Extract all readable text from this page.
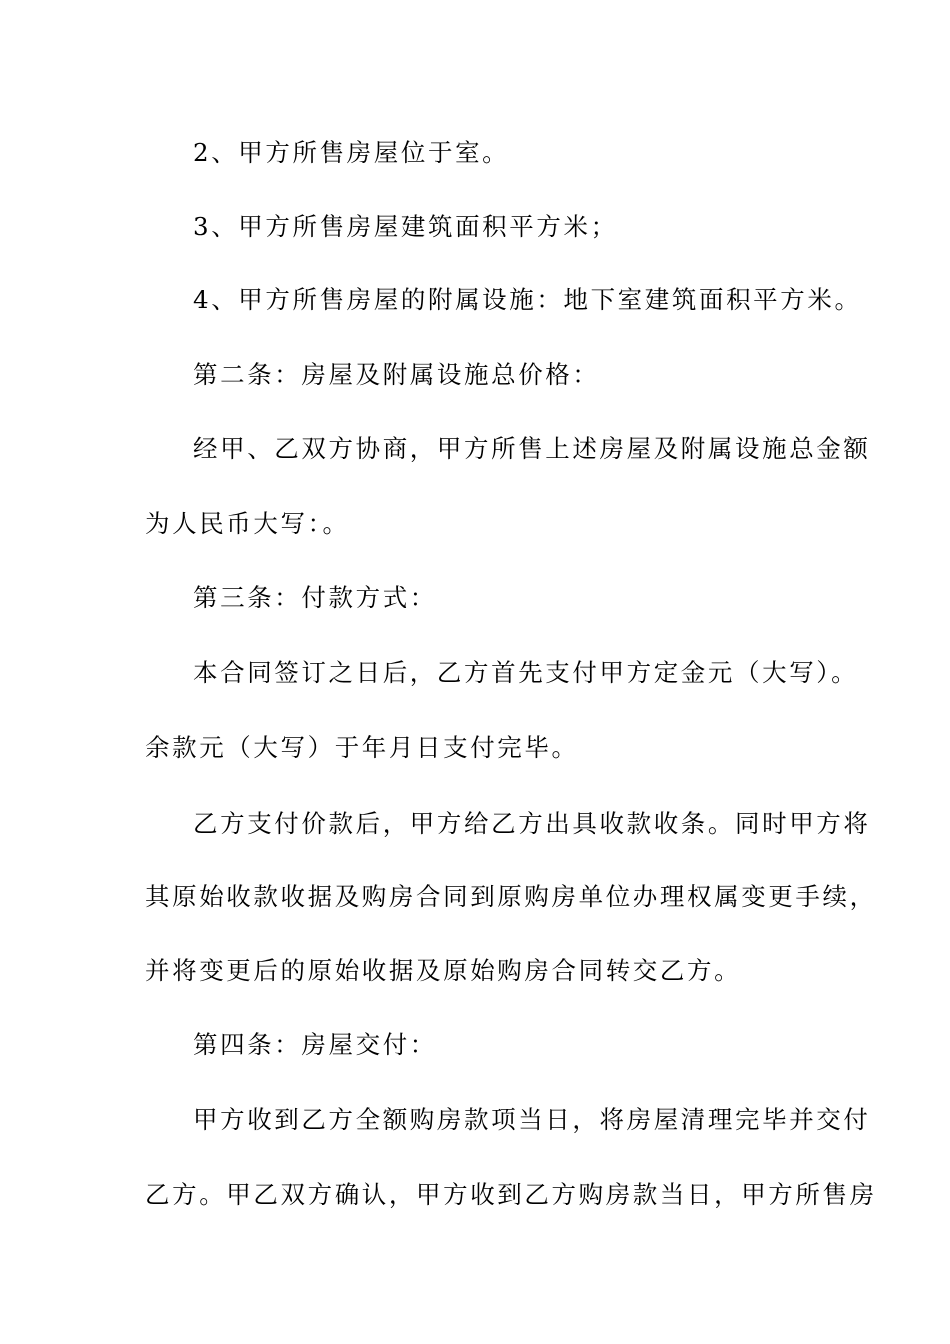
2、甲方所售房屋位于室。
3、甲方所售房屋建筑面积平方米；
4、甲方所售房屋的附属设施：地下室建筑面积平方米。
第二条：房屋及附属设施总价格：
经甲、乙双方协商，甲方所售上述房屋及附属设施总金额
为人民币大写：。
第三条：付款方式：
本合同签订之日后，乙方首先支付甲方定金元（大写）。
余款元（大写）于年月日支付完毕。
乙方支付价款后，甲方给乙方出具收款收条。同时甲方将
其原始收款收据及购房合同到原购房单位办理权属变更手续，
并将变更后的原始收据及原始购房合同转交乙方。
第四条：房屋交付：
甲方收到乙方全额购房款项当日，将房屋清理完毕并交付
乙方。甲乙双方确认，甲方收到乙方购房款当日，甲方所售房
